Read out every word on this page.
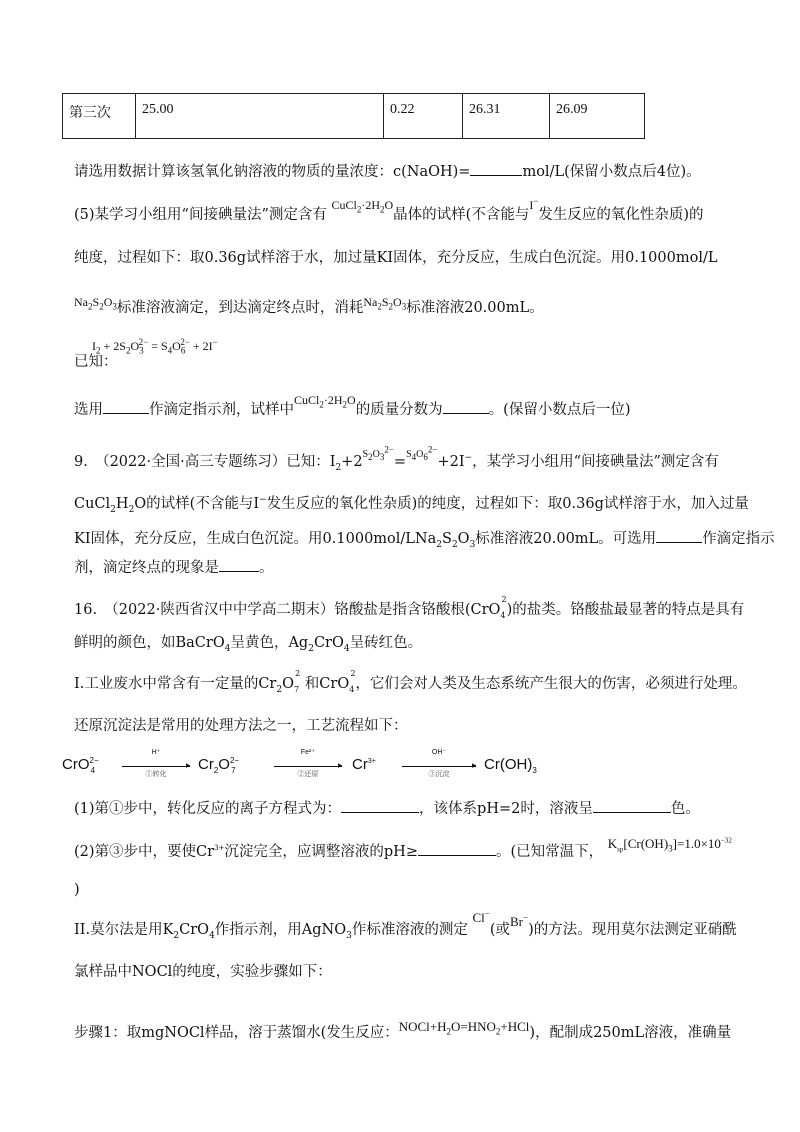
第三次	25.00	0.22	26.31	26.09
请选用数据计算该氢氧化钠溶液的物质的量浓度：c(NaOH)=	mol/L(保留小数点后4位)。
(5)某学习小组用“间接碘量法”测定含有 $^{CuCl_2\cdot 2H_2O}$晶体的试样(不含能与$^{I^-}$发生反应的氧化性杂质)的
纯度，过程如下：取0.36g试样溶于水，加过量KI固体，充分反应，生成白色沉淀。用0.1000mol/L
$^{Na_2S_2O_3}$标准溶液滴定，到达滴定终点时，消耗$^{Na_2S_2O_3}$标准溶液20.00mL。
$I_2 + 2S_2O_3^{2-} = S_4O_6^{2-} + 2I^-$
已知：
选用	作滴定指示剂，试样中$^{CuCl_2\cdot 2H_2O}$的质量分数为	。(保留小数点后一位)
9.　（2022·全国·高三专题练习）已知：$I_2+2^{S_2O_3^{2-}}=^{S_4O_6^{2-}}+2I^-$，某学习小组用“间接碘量法”测定含有
$CuCl_2H_2O$的试样(不含能与I−发生反应的氧化性杂质)的纯度，过程如下：取0.36g试样溶于水，加入过量
KI固体，充分反应，生成白色沉淀。用$0.1000mol/LNa_2S_2O_3$标准溶液20.00mL。可选用	作滴定指示
剂，滴定终点的现象是	。
16.　（2022·陕西省汉中中学高二期末）铬酸盐是指含铬酸根(CrO$_4^2$)的盐类。铬酸盐最显著的特点是具有
鲜明的颜色，如BaCrO$_4$呈黄色，$Ag_2CrO_4$呈砖红色。
I.工业废水中常含有一定量的$Cr_2O_7^2$ 和CrO$_4^2$，它们会对人类及生态系统产生很大的伤害，必须进行处理。
还原沉淀法是常用的处理方法之一，工艺流程如下：
CrO$^{2-}_4$
H⁺
▸
①转化
$Cr_2O^{2-}_7$
Fe²⁺
▸
②还原
$Cr^{3+}$
OH⁻
▸
③沉淀
$Cr(OH)_3$
(1)第①步中，转化反应的离子方程式为：	，该体系pH=2时，溶液呈	色。
(2)第③步中，要使$Cr^{3+}$沉淀完全，应调整溶液的pH≥	。(已知常温下， $K_{sp}[Cr(OH)_3]=1.0\times 10^{-32}$
)
II.莫尔法是用$K_2CrO_4$作指示剂，用AgNO$_3$作标准溶液的测定 Cl−(或Br−)的方法。现用莫尔法测定亚硝酰
氯样品中NOCl的纯度，实验步骤如下：
步骤1：取mgNOCl样品，溶于蒸馏水(发生反应：$NOCl+H_2O=HNO_2+HCl$)，配制成250mL溶液，准确量
